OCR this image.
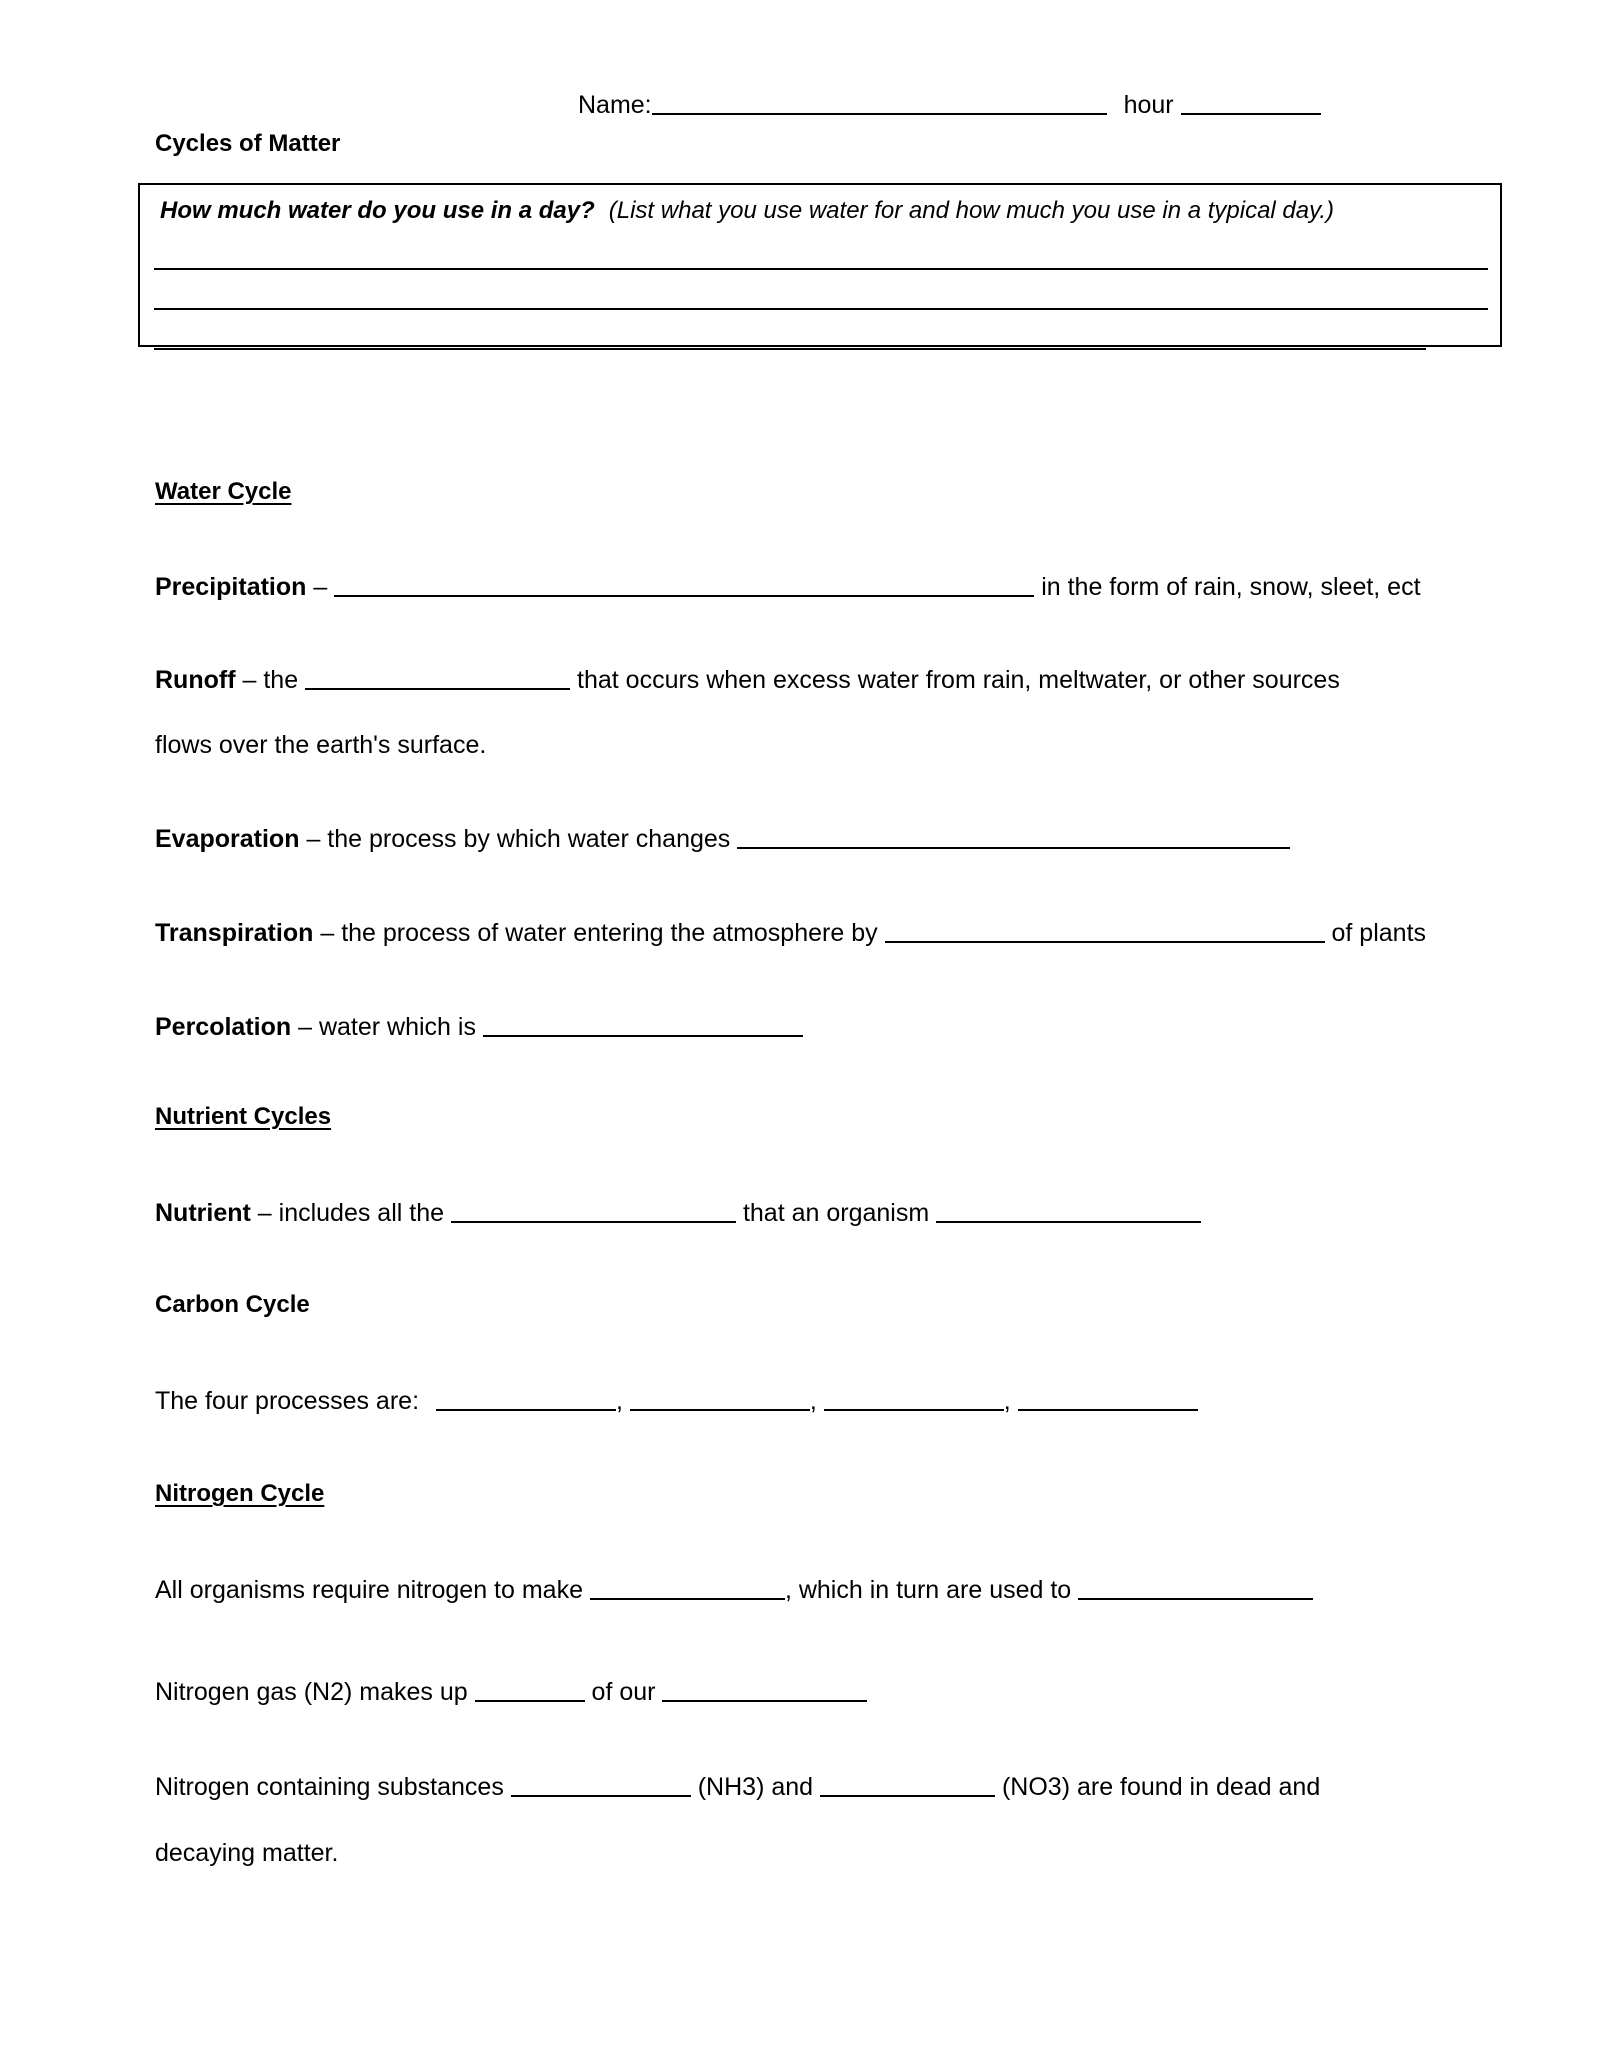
Name:	hour
Cycles of Matter
How much water do you use in a day? (List what you use water for and how much you use in a typical day.)
Water Cycle
Precipitation –	in the form of rain, snow, sleet, ect
Runoff – the	that occurs when excess water from rain, meltwater, or other sources
flows over the earth's surface.
Evaporation – the process by which water changes
Transpiration – the process of water entering the atmosphere by	of plants
Percolation – water which is
Nutrient Cycles
Nutrient – includes all the	that an organism
Carbon Cycle
The four processes are:	,	,	,
Nitrogen Cycle
All organisms require nitrogen to make	, which in turn are used to
Nitrogen gas (N2) makes up	of our
Nitrogen containing substances	(NH3) and	(NO3) are found in dead and
decaying matter.
